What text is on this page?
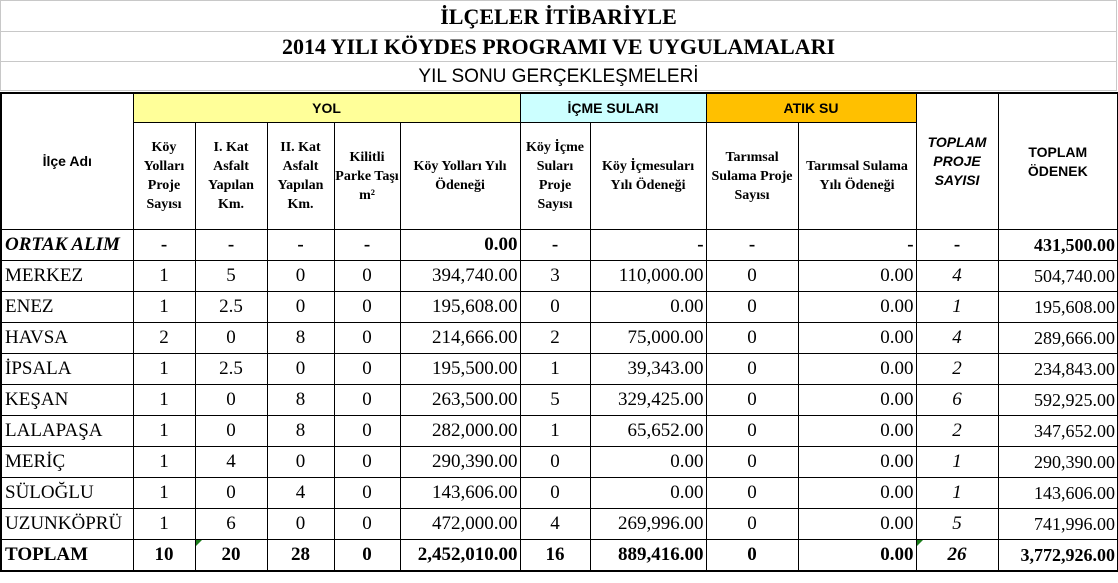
İLÇELER İTİBARİYLE
2014 YILI KÖYDES PROGRAMI VE UYGULAMALARI
YIL SONU GERÇEKLEŞMELERİ
İlçe Adı	YOL					İÇME SULARI		ATIK SU		TOPLAM PROJE SAYISI	TOPLAM ÖDENEK
	Köy Yolları Proje Sayısı	I. Kat Asfalt Yapılan Km.	II. Kat Asfalt Yapılan Km.	Kilitli Parke Taşı m²	Köy Yolları Yılı Ödeneği	Köy İçme Suları Proje Sayısı	Köy İçmesuları Yılı Ödeneği	Tarımsal Sulama Proje Sayısı	Tarımsal Sulama Yılı Ödeneği		
ORTAK ALIM	-	-	-	-	0.00	-	-	-	-	-	431,500.00
MERKEZ	1	5	0	0	394,740.00	3	110,000.00	0	0.00	4	504,740.00
ENEZ	1	2.5	0	0	195,608.00	0	0.00	0	0.00	1	195,608.00
HAVSA	2	0	8	0	214,666.00	2	75,000.00	0	0.00	4	289,666.00
İPSALA	1	2.5	0	0	195,500.00	1	39,343.00	0	0.00	2	234,843.00
KEŞAN	1	0	8	0	263,500.00	5	329,425.00	0	0.00	6	592,925.00
LALAPAŞA	1	0	8	0	282,000.00	1	65,652.00	0	0.00	2	347,652.00
MERİÇ	1	4	0	0	290,390.00	0	0.00	0	0.00	1	290,390.00
SÜLOĞLU	1	0	4	0	143,606.00	0	0.00	0	0.00	1	143,606.00
UZUNKÖPRÜ	1	6	0	0	472,000.00	4	269,996.00	0	0.00	5	741,996.00
TOPLAM	10	20	28	0	2,452,010.00	16	889,416.00	0	0.00	26	3,772,926.00
